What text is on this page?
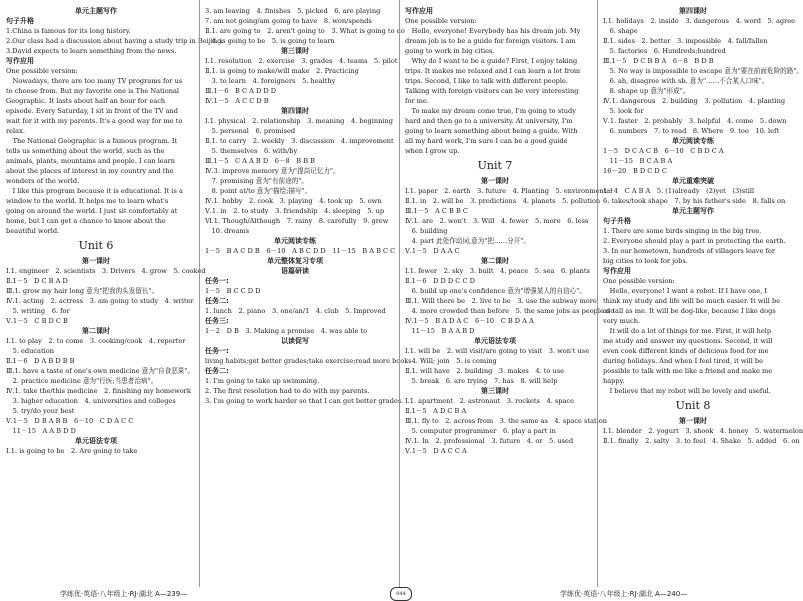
单元主题写作
句子升格
1.China is famous for its long history.
2.Our class had a discussion about having a study trip in Beijing.
3.David expects to learn something from the news.
写作应用
One possible version:
　Nowadays, there are too many TV programs for us to choose from. But my favorite one is The National Geographic. It lasts about half an hour for each episode. Every Saturday, I sit in front of the TV and wait for it with my parents. It's a good way for me to relax.
　The National Geographic is a famous program. It tells us something about the world, such as the animals, plants, mountains and people. I can learn about the places of interest in my country and the wonders of the world.
　I like this program because it is educational. It is a window to the world. It helps me to learn what's going on around the world. I just sit comfortably at home, but I can get a chance to know about the beautiful world.
Unit 6
第一课时
Ⅰ.1. engineer　2. scientists　3. Drivers　4. grow　5. cooked
Ⅱ.1－5　D C B A D
Ⅲ.1. grow my hair long 意为"把我的头发留长"。
Ⅳ.1. acting　2. actress　3. am going to study　4. writer
　5. writing　6. for
Ⅴ.1－5　C B D C B
第二课时
Ⅰ.1. to play　2. to come　3. cooking/cook　4. reporter
　5. education
Ⅱ.1－6　D A B D B B
Ⅲ.1. have a taste of one's own medicine 意为"自食恶果"。
　2. practice medicine 意为"行医;当患者治病"。
Ⅳ.1. take the/this medicine　2. finishing my homework
　3. higher education　4. universities and colleges
　5. try/do your best
Ⅴ.1－5　D B A B B　6－10　C D A C C
　11－15　A A B D D
单元语法专项
Ⅰ.1. is going to be　2. Are going to take
3. am leaving　4. finishes　5. picked　6. are playing
7. am not going/am going to have　8. won/spends
Ⅱ.1. are going to　2. aren't going to　3. What is going to do
　4. is going to be　5. is going to learn
第三课时
Ⅰ.1. resolution　2. exercise　3. grades　4. teams　5. pilot
Ⅱ.1. is going to make/will make　2. Practicing
　3. to learn　4. foreigners　5. healthy
Ⅲ.1－6　B C A D D D
Ⅳ.1－5　A C C D B
第四课时
Ⅰ.1. physical　2. relationship　3. meaning　4. beginning
　5. personal　6. promised
Ⅱ.1. to carry　2. weekly　3. discussion　4. improvement
　5. themselves　6. with/by
Ⅲ.1－5　C A A B D　6－8　B B B
Ⅳ.3. improve memory 意为"提高记忆力"。
　7. promising 意为"有前途的"。
　8. point at/to 意为"描绘;描写"。
Ⅳ.1. hobby　2. cook　3. playing　4. took up　5. own
Ⅴ.1. in　2. to study　3. friendship　4. sleeping　5. up
Ⅵ.1. Though/Although　7. rainy　8. carefully　9. grew
　10. dreams
单元阅读专练
1－5　B A C D B　6－10　A B C D D　11－15　B A B C C
单元整体复习专项
语篇研读
任务一:
1－5　B C C D D
任务二:
1. lunch　2. piano　3. one/an/1　4. club　5. Improved
任务三:
1－2　D B　3. Making a promise　4. was able to
以读促写
任务一:
living habits;get better grades;take exercise;read more books
任务二:
1. I'm going to take up swimming.
2. The first resolution had to do with my parents.
3. I'm going to work harder so that I can get better grades.
写作应用
One possible version:
　Hello, everyone! Everybody has his dream job. My dream job is to be a guide for foreign visitors. I am going to work in big cities.
　Why do I want to be a guide? First, I enjoy taking trips. It makes me relaxed and I can learn a lot from trips. Second, I like to talk with different people. Talking with foreign visitors can be very interesting for me.
　To make my dream come true, I'm going to study hard and then go to a university. At university, I'm going to learn something about being a guide. With all my hard work, I'm sure I can be a good guide when I grow up.
Unit 7
第一课时
Ⅰ.1. paper　2. earth　3. future　4. Planting　5. environmental
Ⅱ.1. in　2. will be　3. predictions　4. planets　5. pollution
Ⅲ.1－5　A C B B C
Ⅳ.1. are　2. won't　3. Will　4. fewer　5. more　6. less
　6. building
　4. part 此处作动词,意为"把……分开"。
Ⅴ.1－5　D A A C
第二课时
Ⅰ.1. fewer　2. sky　3. built　4. peace　5. sea　6. plants
Ⅱ.1－6　D D D C C D
　6. build up one's confidence 意为"增强某人的自信心"。
Ⅲ.1. Will there be　2. live to be　3. use the subway more
　4. more crowded than before　5. the same jobs as people do
Ⅳ.1－5　B A D A C　6－10　C B D A A
　11－15　B A A B D
单元语法专项
Ⅰ.1. will be　2. will visit/are going to visit　3. won't use
　4. Will; join　5. is coming
Ⅱ.1. will have　2. building　3. makes　4. to use
　5. break　6. are trying　7. has　8. will help
第三课时
Ⅰ.1. apartment　2. astronaut　3. rockets　4. space
Ⅱ.1－5　A D C B A
Ⅲ.1. fly to　2. across from　3. the same as　4. space station
　5. computer programmer　6. play a part in
Ⅳ.1. In　2. professional　3. future　4. or　5. used
Ⅴ.1－5　D A C C A
第四课时
Ⅰ.1. holidays　2. inside　3. dangerous　4. word　5. agree
　6. shape
Ⅱ.1. sides　2. better　3. impossible　4. fall/fallen
　5. factories　6. Hundreds;hundred
Ⅲ.1－5　D C B B A　6－8　B D B
　5. No way is impossible to escape 意为"要在前面危险的路"。
　6. ah, disagree with sb. 意为"……不合某人口味"。
　8. shape up 意为"形成"。
Ⅳ.1. dangerous　2. building　3. pollution　4. planting
　5. look for
Ⅴ.1. faster　2. probably　3. helpful　4. come　5. down
　6. numbers　7. to read　8. Where　9. too　10. left
单元阅读专练
1－5　D C A C B　6－10　C B D C A
　11－15　B C A B A
16－20　B D C D C
单元重难突破
1－4　C A B A　5. (1)already　(2)yet　(3)still
6. takes/took shape　7. by his father's side　8. falls on
单元主题写作
句子升格
1. There are some birds singing in the big tree.
2. Everyone should play a part in protecting the earth.
3. In our hometown, hundreds of villagers leave for big cities to look for jobs.
写作应用
One possible version:
　Hello, everyone! I want a robot. If I have one, I think my study and life will be much easier. It will be as tall as me. It will be dog-like, because I like dogs very much.
　It will do a lot of things for me. First, it will help me study and answer my questions. Second, it will even cook different kinds of delicious food for me during holidays. And when I feel tired, it will be possible to talk with me like a friend and make me happy.
　I believe that my robot will be lovely and useful.
Unit 8
第一课时
Ⅰ.1. blender　2. yogurt　3. shook　4. honey　5. watermelon
Ⅱ.1. finally　2. salty　3. to feel　4. Shake　5. added　6. on
学练优·英语·八年级上·RJ·湖北 A—239—	044	学练优·英语·八年级上·RJ·湖北 A—240—
